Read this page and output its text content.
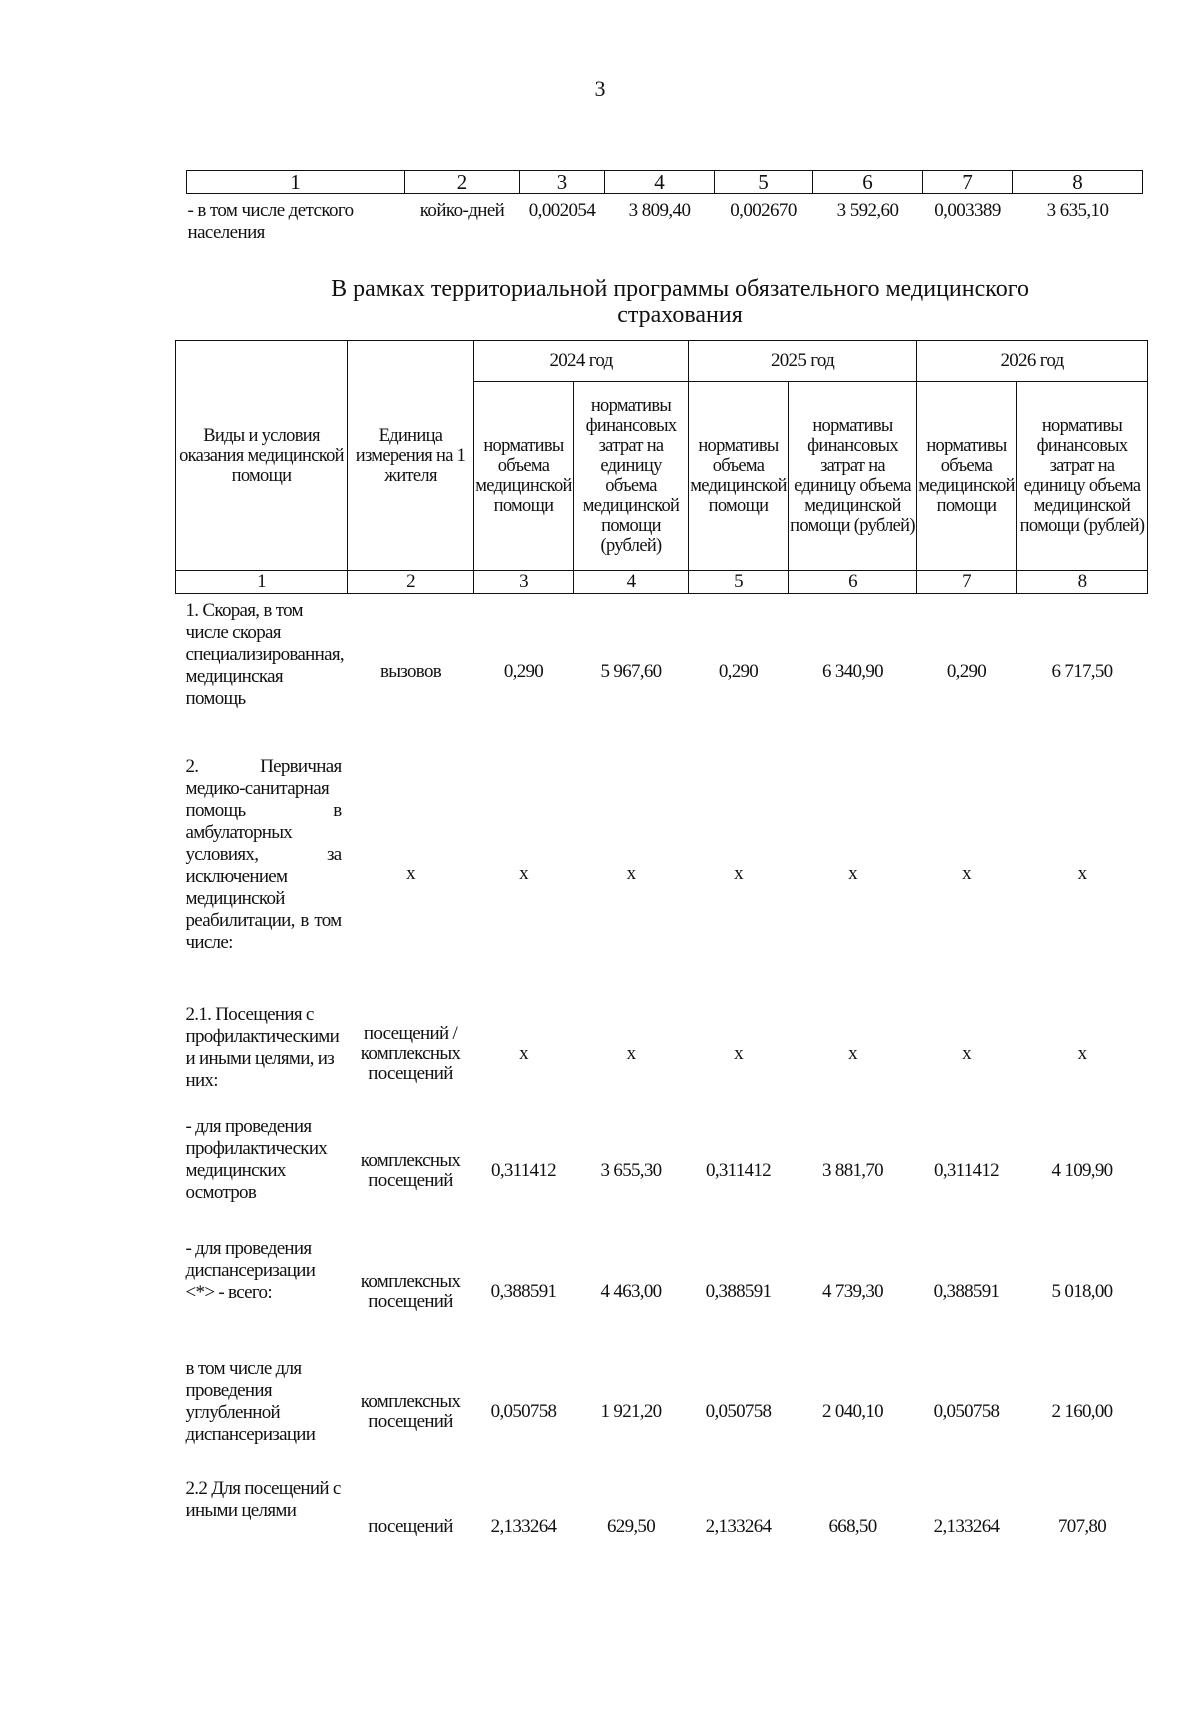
3
1	2	3	4	5	6	7	8
- в том числе детского населения	койко-дней	0,002054	3 809,40	0,002670	3 592,60	0,003389	3 635,10
В рамках территориальной программы обязательного медицинского страхования
Виды и условия оказания медицинской помощи	Единица измерения на 1 жителя	2024 год		2025 год		2026 год	
		нормативы объема медицинской помощи	нормативы финансовых затрат на единицу объема медицинской помощи (рублей)	нормативы объема медицинской помощи	нормативы финансовых затрат на единицу объема медицинской помощи (рублей)	нормативы объема медицинской помощи	нормативы финансовых затрат на единицу объема медицинской помощи (рублей)
1	2	3	4	5	6	7	8
1. Скорая, в том числе скорая специализированная, медицинская помощь	вызовов	0,290	5 967,60	0,290	6 340,90	0,290	6 717,50
2. Первичная медико-санитарная помощь в амбулаторных условиях, за исключением медицинской реабилитации, в том числе:	х	х	х	х	х	х	х
2.1. Посещения с профилактическими и иными целями, из них:	посещений / комплексных посещений	х	х	х	х	х	х
- для проведения профилактических медицинских осмотров	комплексных посещений	0,311412	3 655,30	0,311412	3 881,70	0,311412	4 109,90
- для проведения диспансеризации <*> - всего:	комплексных посещений	0,388591	4 463,00	0,388591	4 739,30	0,388591	5 018,00
в том числе для проведения углубленной диспансеризации	комплексных посещений	0,050758	1 921,20	0,050758	2 040,10	0,050758	2 160,00
2.2 Для посещений с иными целями	посещений	2,133264	629,50	2,133264	668,50	2,133264	707,80
